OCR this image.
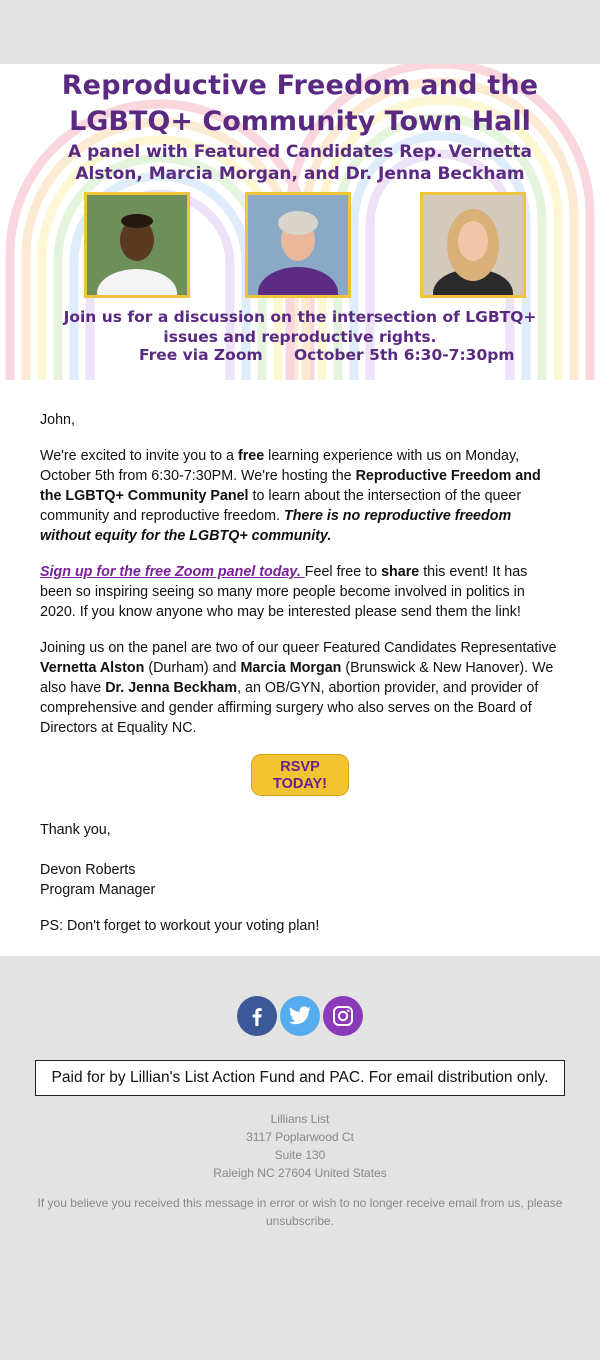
Reproductive Freedom and the
LGBTQ+ Community Town Hall
A panel with Featured Candidates Rep. Vernetta Alston, Marcia Morgan, and Dr. Jenna Beckham
Join us for a discussion on the intersection of LGBTQ+ issues and reproductive rights.
Free via Zoom October 5th 6:30-7:30pm

John,

We're excited to invite you to a free learning experience with us on Monday, October 5th from 6:30-7:30PM. We're hosting the Reproductive Freedom and the LGBTQ+ Community Panel to learn about the intersection of the queer community and reproductive freedom. There is no reproductive freedom without equity for the LGBTQ+ community.

Sign up for the free Zoom panel today. Feel free to share this event! It has been so inspiring seeing so many more people become involved in politics in 2020. If you know anyone who may be interested please send them the link!

Joining us on the panel are two of our queer Featured Candidates Representative Vernetta Alston (Durham) and Marcia Morgan (Brunswick & New Hanover). We also have Dr. Jenna Beckham, an OB/GYN, abortion provider, and provider of comprehensive and gender affirming surgery who also serves on the Board of Directors at Equality NC.

RSVP
TODAY!

Thank you,

Devon Roberts
Program Manager

PS: Don't forget to workout your voting plan!

Paid for by Lillian's List Action Fund and PAC. For email distribution only.
Lillians List
3117 Poplarwood Ct
Suite 130
Raleigh NC 27604 United States
If you believe you received this message in error or wish to no longer receive email from us, please unsubscribe.
